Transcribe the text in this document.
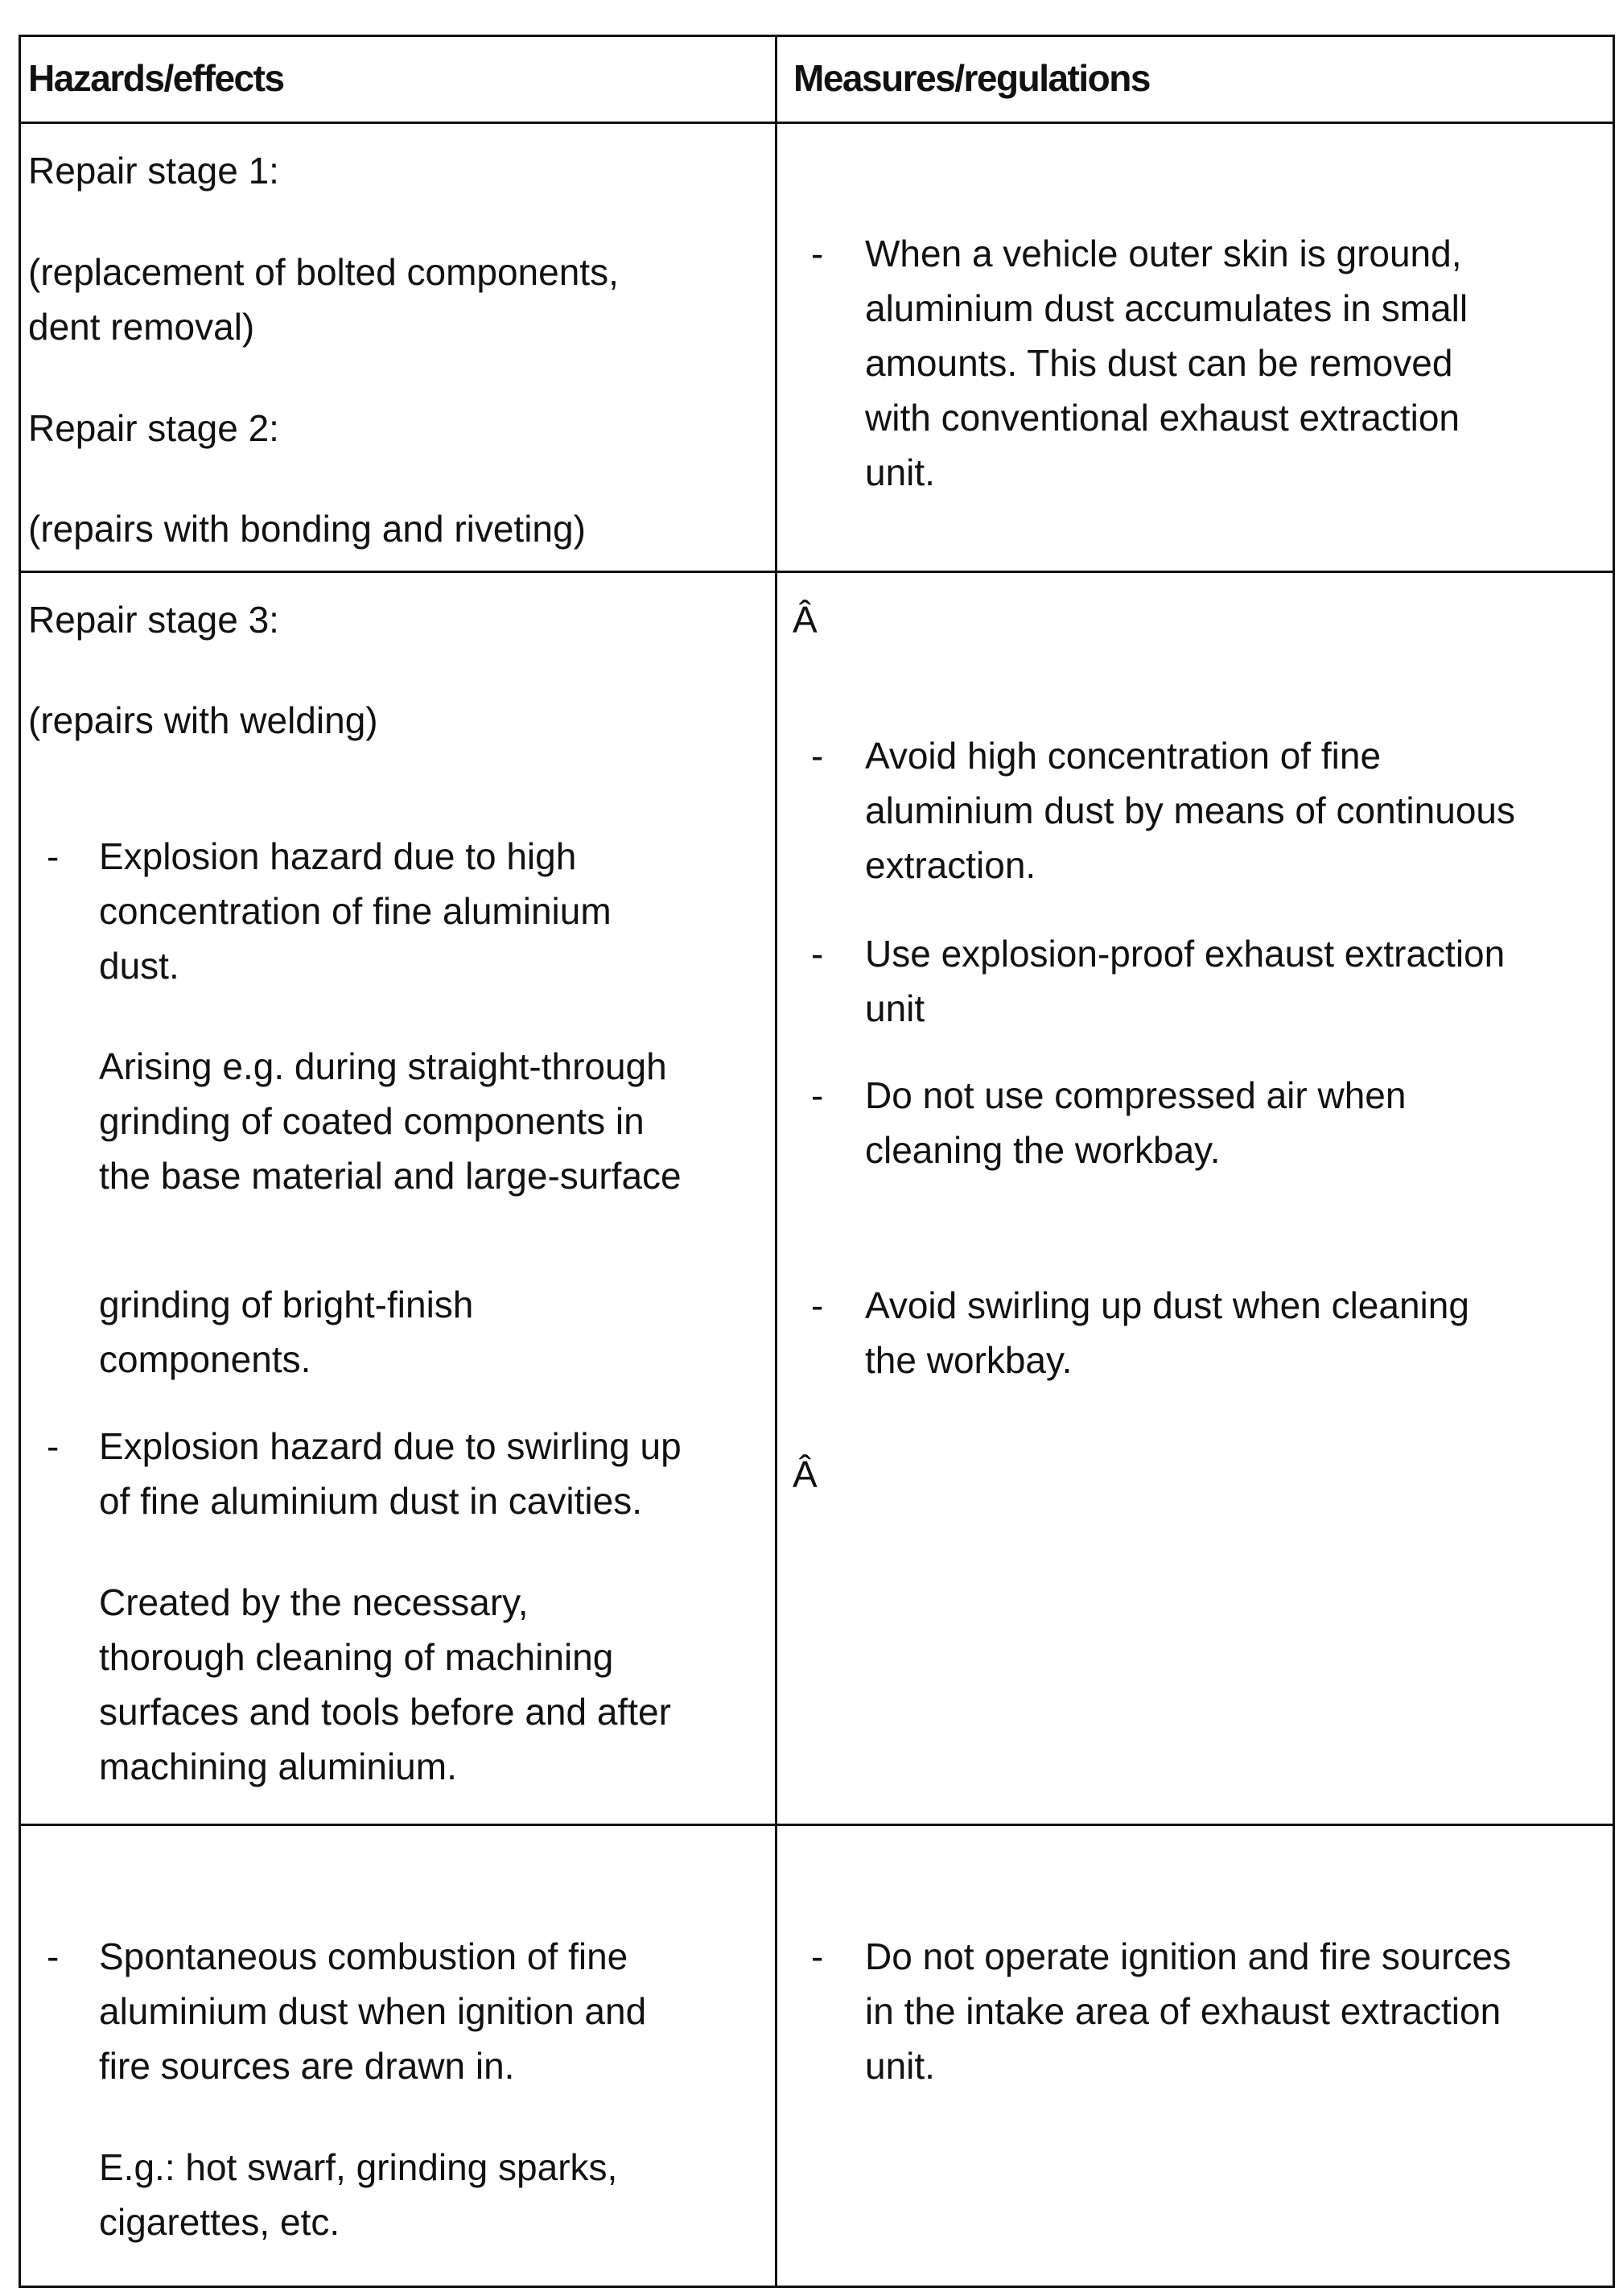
Hazards/effects	Measures/regulations
Repair stage 1:
(replacement of bolted components,
dent removal)
Repair stage 2:
(repairs with bonding and riveting)
- When a vehicle outer skin is ground,
aluminium dust accumulates in small
amounts. This dust can be removed
with conventional exhaust extraction
unit.
Repair stage 3:
(repairs with welding)
- Explosion hazard due to high
concentration of fine aluminium
dust.
Arising e.g. during straight-through
grinding of coated components in
the base material and large-surface
grinding of bright-finish
components.
- Explosion hazard due to swirling up
of fine aluminium dust in cavities.
Created by the necessary,
thorough cleaning of machining
surfaces and tools before and after
machining aluminium.
Â
- Avoid high concentration of fine
aluminium dust by means of continuous
extraction.
- Use explosion-proof exhaust extraction
unit
- Do not use compressed air when
cleaning the workbay.
- Avoid swirling up dust when cleaning
the workbay.
Â
- Spontaneous combustion of fine
aluminium dust when ignition and
fire sources are drawn in.
E.g.: hot swarf, grinding sparks,
cigarettes, etc.
- Do not operate ignition and fire sources
in the intake area of exhaust extraction
unit.
